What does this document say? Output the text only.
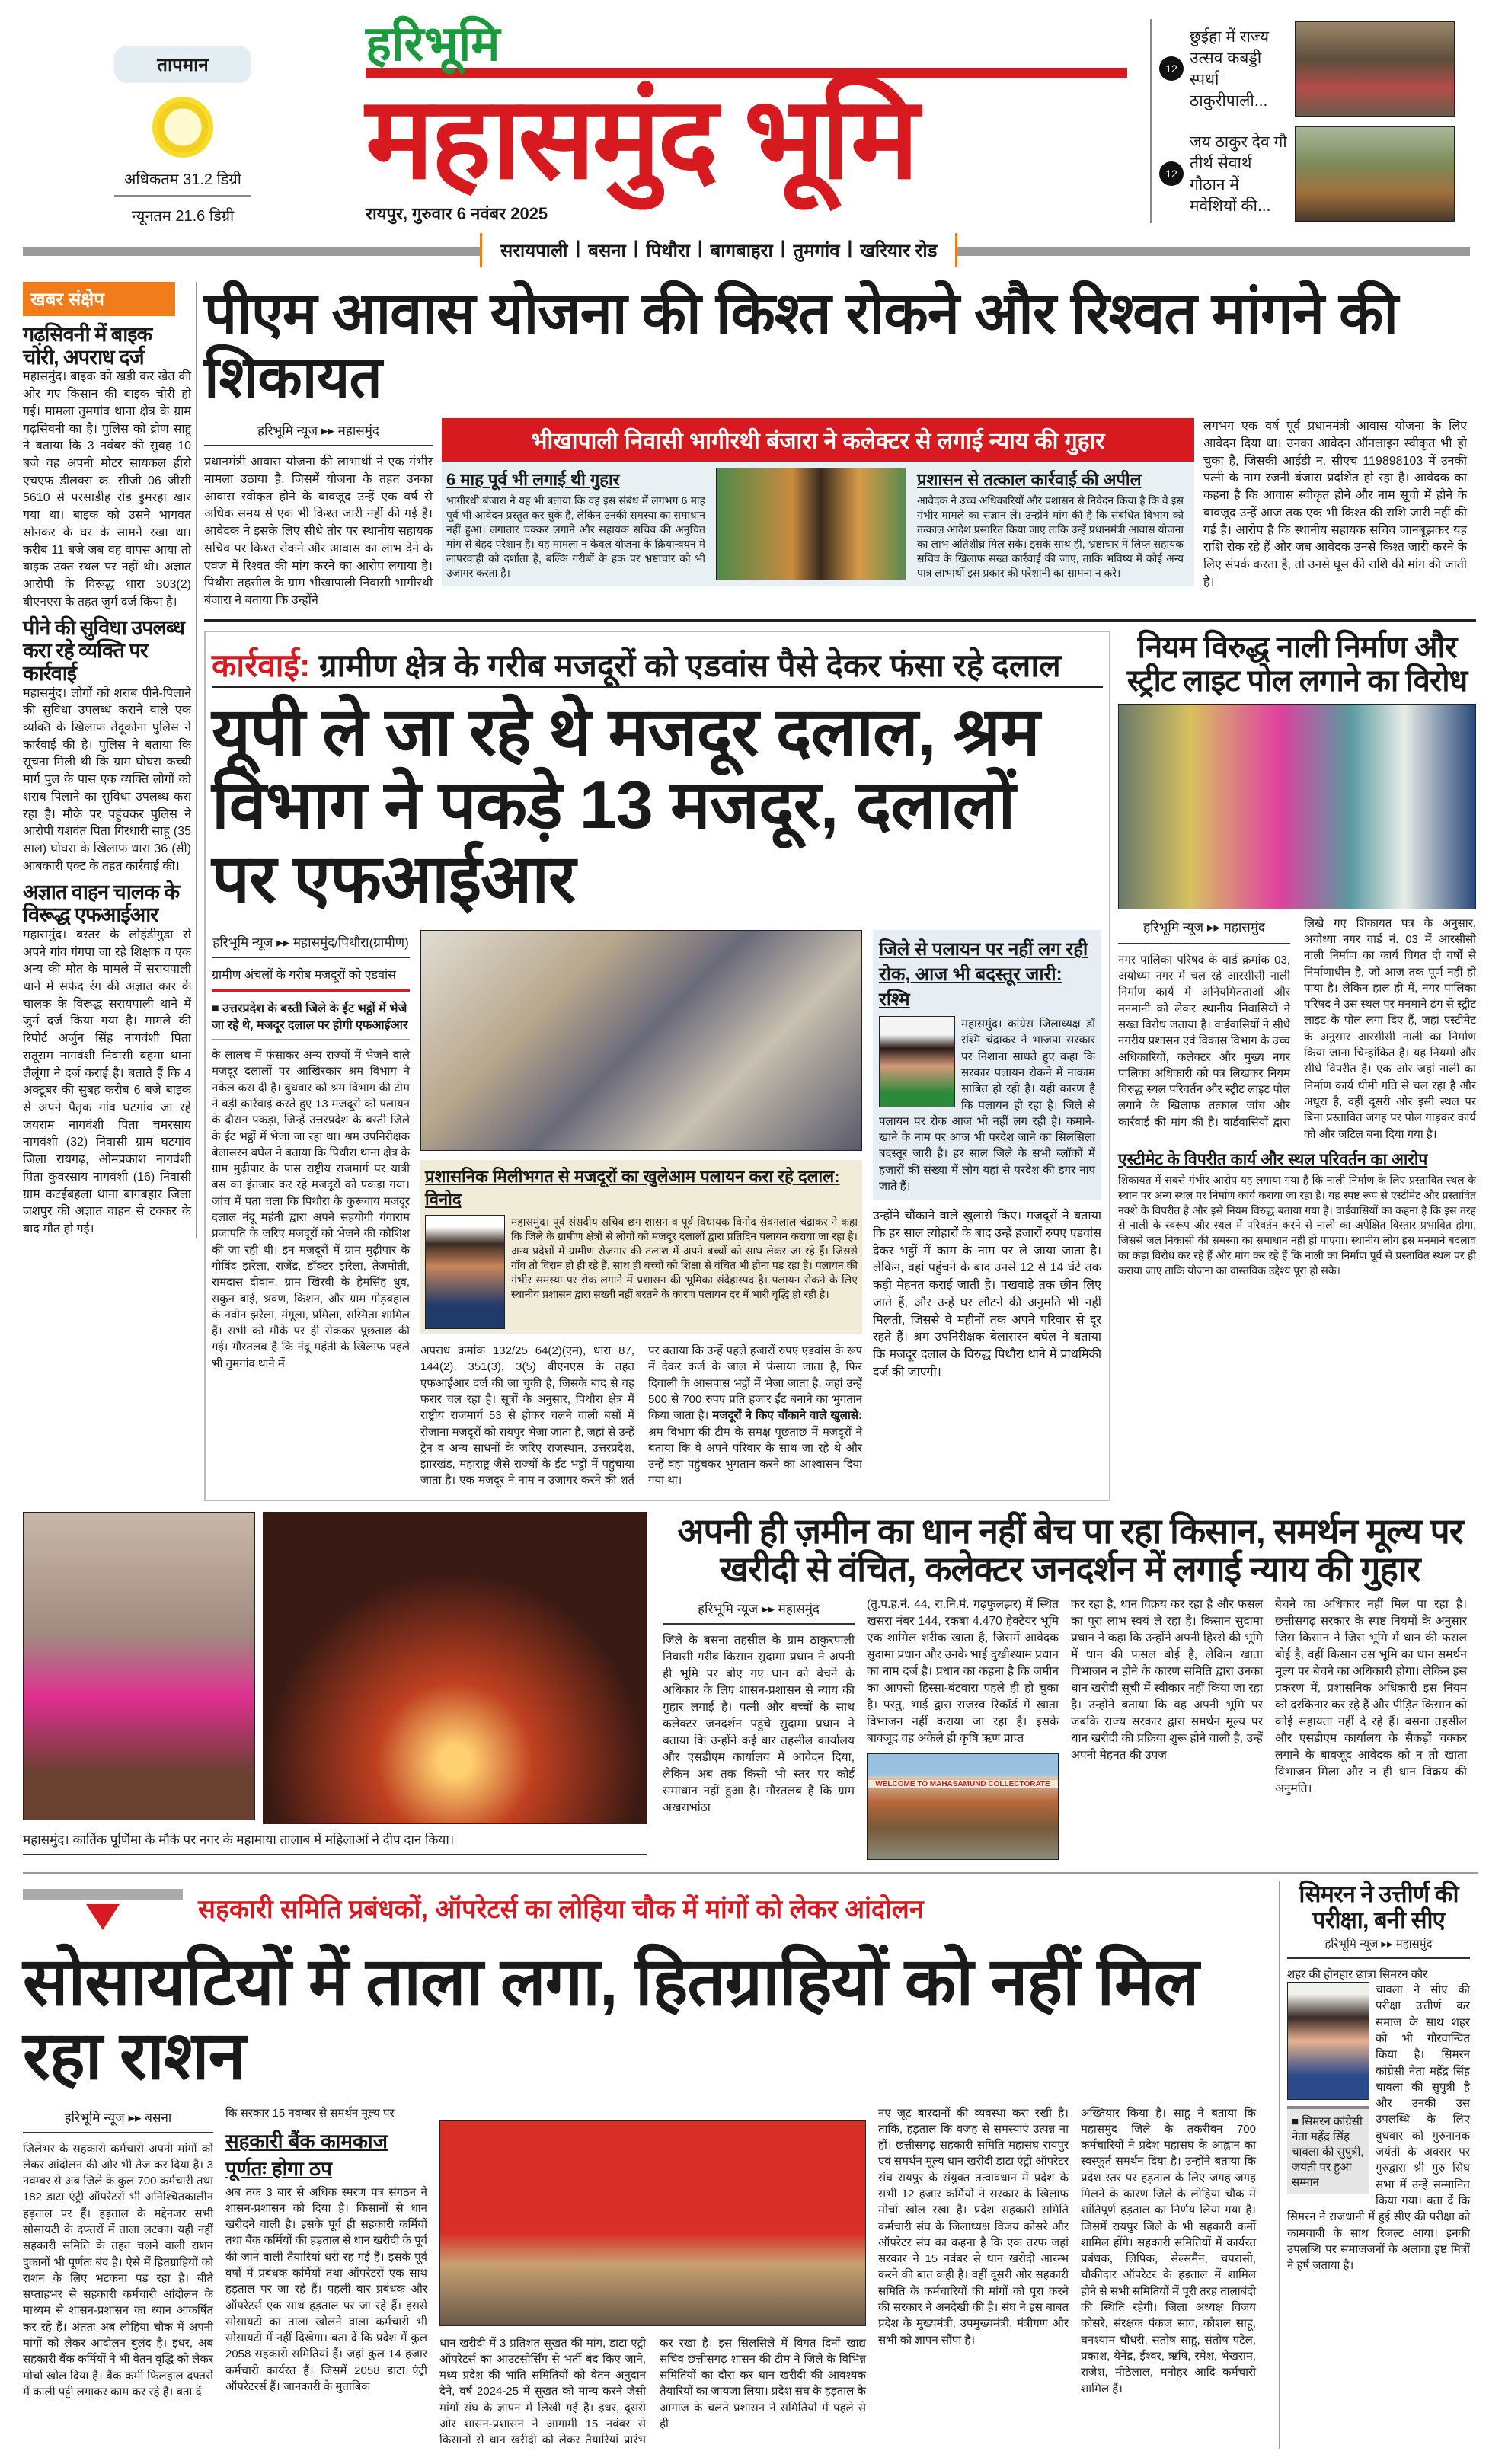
तापमान
अधिकतम 31.2 डिग्री
न्यूनतम 21.6 डिग्री
हरिभूमि
महासमुंद भूमि
रायपुर, गुरुवार 6 नवंबर 2025
12
छुईहा में राज्य उत्सव कबड्डी स्पर्धा ठाकुरीपाली...
12
जय ठाकुर देव गौ तीर्थ सेवार्थ गौठान में मवेशियों की...
सरायपाली | बसना | पिथौरा | बागबाहरा | तुमगांव | खरियार रोड
खबर संक्षेप
गढ़सिवनी में बाइक चोरी, अपराध दर्ज
महासमुंद। बाइक को खड़ी कर खेत की ओर गए किसान की बाइक चोरी हो गई। मामला तुमगांव थाना क्षेत्र के ग्राम गढ़सिवनी का है। पुलिस को द्रोण साहू ने बताया कि 3 नवंबर की सुबह 10 बजे वह अपनी मोटर सायकल हीरो एचएफ डीलक्स क्र. सीजी 06 जीसी 5610 से परसाडीह रोड डुमरहा खार गया था। बाइक को उसने भागवत सोनकर के घर के सामने रखा था। करीब 11 बजे जब वह वापस आया तो बाइक उक्त स्थल पर नहीं थी। अज्ञात आरोपी के विरूद्ध धारा 303(2) बीएनएस के तहत जुर्म दर्ज किया है।
पीने की सुविधा उपलब्ध करा रहे व्यक्ति पर कार्रवाई
महासमुंद। लोगों को शराब पीने-पिलाने की सुविधा उपलब्ध कराने वाले एक व्यक्ति के खिलाफ तेंदूकोना पुलिस ने कार्रवाई की है। पुलिस ने बताया कि सूचना मिली थी कि ग्राम घोघरा कच्ची मार्ग पुल के पास एक व्यक्ति लोगों को शराब पिलाने का सुविधा उपलब्ध करा रहा है। मौके पर पहुंचकर पुलिस ने आरोपी यशवंत पिता गिरधारी साहू (35 साल) घोघरा के खिलाफ धारा 36 (सी) आबकारी एक्ट के तहत कार्रवाई की।
अज्ञात वाहन चालक के विरूद्ध एफआईआर
महासमुंद। बस्तर के लोहंडीगुडा से अपने गांव गंगपा जा रहे शिक्षक व एक अन्य की मौत के मामले में सरायपाली थाने में सफेद रंग की अज्ञात कार के चालक के विरूद्ध सरायपाली थाने में जुर्म दर्ज किया गया है। मामले की रिपोर्ट अर्जुन सिंह नागवंशी पिता रातूराम नागवंशी निवासी बहमा थाना लैलूंगा ने दर्ज कराई है। बताते हैं कि 4 अक्टूबर की सुबह करीब 6 बजे बाइक से अपने पैतृक गांव घटगांव जा रहे जयराम नागवंशी पिता चमरसाय नागवंशी (32) निवासी ग्राम घटगांव जिला रायगढ़, ओमप्रकाश नागवंशी पिता कुंवरसाय नागवंशी (16) निवासी ग्राम कटईबहला थाना बागबहार जिला जशपुर की अज्ञात वाहन से टक्कर के बाद मौत हो गई।
पीएम आवास योजना की किश्त रोकने और रिश्वत मांगने की शिकायत
हरिभूमि न्यूज ▸▸ महासमुंद
प्रधानमंत्री आवास योजना की लाभार्थी ने एक गंभीर मामला उठाया है, जिसमें योजना के तहत उनका आवास स्वीकृत होने के बावजूद उन्हें एक वर्ष से अधिक समय से एक भी किश्त जारी नहीं की गई है। आवेदक ने इसके लिए सीधे तौर पर स्थानीय सहायक सचिव पर किश्त रोकने और आवास का लाभ देने के एवज में रिश्वत की मांग करने का आरोप लगाया है। पिथौरा तहसील के ग्राम भीखापाली निवासी भागीरथी बंजारा ने बताया कि उन्होंने
भीखापाली निवासी भागीरथी बंजारा ने कलेक्टर से लगाई न्याय की गुहार
6 माह पूर्व भी लगाई थी गुहार
भागीरथी बंजारा ने यह भी बताया कि वह इस संबंध में लगभग 6 माह पूर्व भी आवेदन प्रस्तुत कर चुके हैं, लेकिन उनकी समस्या का समाधान नहीं हुआ। लगातार चक्कर लगाने और सहायक सचिव की अनुचित मांग से बेहद परेशान हैं। यह मामला न केवल योजना के क्रियान्वयन में लापरवाही को दर्शाता है, बल्कि गरीबों के हक पर भ्रष्टाचार को भी उजागर करता है।
प्रशासन से तत्काल कार्रवाई की अपील
आवेदक ने उच्च अधिकारियों और प्रशासन से निवेदन किया है कि वे इस गंभीर मामले का संज्ञान लें। उन्होंने मांग की है कि संबंधित विभाग को तत्काल आदेश प्रसारित किया जाए ताकि उन्हें प्रधानमंत्री आवास योजना का लाभ अतिशीघ्र मिल सके। इसके साथ ही, भ्रष्टाचार में लिप्त सहायक सचिव के खिलाफ सख्त कार्रवाई की जाए, ताकि भविष्य में कोई अन्य पात्र लाभार्थी इस प्रकार की परेशानी का सामना न करे।
लगभग एक वर्ष पूर्व प्रधानमंत्री आवास योजना के लिए आवेदन दिया था। उनका आवेदन ऑनलाइन स्वीकृत भी हो चुका है, जिसकी आईडी नं. सीएच 119898103 में उनकी पत्नी के नाम रजनी बंजारा प्रदर्शित हो रहा है। आवेदक का कहना है कि आवास स्वीकृत होने और नाम सूची में होने के बावजूद उन्हें आज तक एक भी किश्त की राशि जारी नहीं की गई है। आरोप है कि स्थानीय सहायक सचिव जानबूझकर यह राशि रोक रहे हैं और जब आवेदक उनसे किश्त जारी करने के लिए संपर्क करता है, तो उनसे घूस की राशि की मांग की जाती है।
कार्रवाई: ग्रामीण क्षेत्र के गरीब मजदूरों को एडवांस पैसे देकर फंसा रहे दलाल
यूपी ले जा रहे थे मजदूर दलाल, श्रम विभाग ने पकड़े 13 मजदूर, दलालों पर एफआईआर
हरिभूमि न्यूज ▸▸ महासमुंद/पिथौरा(ग्रामीण)
ग्रामीण अंचलों के गरीब मजदूरों को एडवांस
■ उत्तरप्रदेश के बस्ती जिले के ईंट भट्ठों में भेजे जा रहे थे, मजदूर दलाल पर होगी एफआईआर
के लालच में फंसाकर अन्य राज्यों में भेजने वाले मजदूर दलालों पर आखिरकार श्रम विभाग ने नकेल कस दी है। बुधवार को श्रम विभाग की टीम ने बड़ी कार्रवाई करते हुए 13 मजदूरों को पलायन के दौरान पकड़ा, जिन्हें उत्तरप्रदेश के बस्ती जिले के ईंट भट्ठों में भेजा जा रहा था। श्रम उपनिरीक्षक बेलासरन बघेल ने बताया कि पिथौरा थाना क्षेत्र के ग्राम मुढ़ीपार के पास राष्ट्रीय राजमार्ग पर यात्री बस का इंतजार कर रहे मजदूरों को पकड़ा गया। जांच में पता चला कि पिथौरा के कुरूवाय मजदूर दलाल नंदू महंती द्वारा अपने सहयोगी गंगाराम प्रजापति के जरिए मजदूरों को भेजने की कोशिश की जा रही थी। इन मजदूरों में ग्राम मुढ़ीपार के गोविंद झरेला, राजेंद्र, डॉक्टर झरेला, तेजमोती, रामदास दीवान, ग्राम खिरवी के हेमसिंह धुव, सकुन बाई, श्रवण, किशन, और ग्राम गोड़बहाल के नवीन झरेला, मंगूला, प्रमिला, सस्मिता शामिल हैं। सभी को मौके पर ही रोककर पूछताछ की गई। गौरतलब है कि नंदू महंती के खिलाफ पहले भी तुमगांव थाने में
प्रशासनिक मिलीभगत से मजदूरों का खुलेआम पलायन करा रहे दलाल: विनोद
महासमुंद। पूर्व संसदीय सचिव छग शासन व पूर्व विधायक विनोद सेवनलाल चंद्राकर ने कहा कि जिले के ग्रामीण क्षेत्रों से लोगों को मजदूर दलालों द्वारा प्रतिदिन पलायन कराया जा रहा है। अन्य प्रदेशों में ग्रामीण रोजगार की तलाश में अपने बच्चों को साथ लेकर जा रहे हैं। जिससे गॉंव तो विरान हो ही रहे हैं, साथ ही बच्चों को शिक्षा से वंचित भी होना पड़ रहा है। पलायन की गंभीर समस्या पर रोक लगाने में प्रशासन की भूमिका संदेहास्पद है। पलायन रोकने के लिए स्थानीय प्रशासन द्वारा सख्ती नहीं बरतने के कारण पलायन दर में भारी वृद्धि हो रही है।
अपराध क्रमांक 132/25 64(2)(एम), धारा 87, 144(2), 351(3), 3(5) बीएनएस के तहत एफआईआर दर्ज की जा चुकी है, जिसके बाद से वह फरार चल रहा है। सूत्रों के अनुसार, पिथौरा क्षेत्र में राष्ट्रीय राजमार्ग 53 से होकर चलने वाली बसों में रोजाना मजदूरों को रायपुर भेजा जाता है, जहां से उन्हें ट्रेन व अन्य साधनों के जरिए राजस्थान, उत्तरप्रदेश, झारखंड, महाराष्ट्र जैसे राज्यों के ईंट भट्ठों में पहुंचाया जाता है। एक मजदूर ने नाम न उजागर करने की शर्त पर बताया कि उन्हें पहले हजारों रुपए एडवांस के रूप में देकर कर्ज के जाल में फंसाया जाता है, फिर दिवाली के आसपास भट्ठों में भेजा जाता है, जहां उन्हें 500 से 700 रुपए प्रति हजार ईंट बनाने का भुगतान किया जाता है। मजदूरों ने किए चौंकाने वाले खुलासे: श्रम विभाग की टीम के समक्ष पूछताछ में मजदूरों ने बताया कि वे अपने परिवार के साथ जा रहे थे और उन्हें वहां पहुंचकर भुगतान करने का आश्वासन दिया गया था।
जिले से पलायन पर नहीं लग रही रोक, आज भी बदस्तूर जारी: रश्मि
महासमुंद। कांग्रेस जिलाध्यक्ष डॉ रश्मि चंद्राकर ने भाजपा सरकार पर निशाना साधते हुए कहा कि सरकार पलायन रोकने में नाकाम साबित हो रही है। यही कारण है कि पलायन हो रहा है। जिले से पलायन पर रोक आज भी नहीं लग रही है। कमाने-खाने के नाम पर आज भी परदेश जाने का सिलसिला बदस्तूर जारी है। हर साल जिले के सभी ब्लॉकों में हजारों की संख्या में लोग यहां से परदेश की डगर नाप जाते हैं।
उन्होंने चौंकाने वाले खुलासे किए। मजदूरों ने बताया कि हर साल त्योहारों के बाद उन्हें हजारों रुपए एडवांस देकर भट्ठों में काम के नाम पर ले जाया जाता है। लेकिन, वहां पहुंचने के बाद उनसे 12 से 14 घंटे तक कड़ी मेहनत कराई जाती है। पखवाड़े तक छीन लिए जाते हैं, और उन्हें घर लौटने की अनुमति भी नहीं मिलती, जिससे वे महीनों तक अपने परिवार से दूर रहते हैं। श्रम उपनिरीक्षक बेलासरन बघेल ने बताया कि मजदूर दलाल के विरुद्ध पिथौरा थाने में प्राथमिकी दर्ज की जाएगी।
नियम विरुद्ध नाली निर्माण और स्ट्रीट लाइट पोल लगाने का विरोध
हरिभूमि न्यूज ▸▸ महासमुंद
नगर पालिका परिषद के वार्ड क्रमांक 03, अयोध्या नगर में चल रहे आरसीसी नाली निर्माण कार्य में अनियमितताओं और मनमानी को लेकर स्थानीय निवासियों ने सख्त विरोध जताया है। वार्डवासियों ने सीधे नगरीय प्रशासन एवं विकास विभाग के उच्च अधिकारियों, कलेक्टर और मुख्य नगर पालिका अधिकारी को पत्र लिखकर नियम विरुद्ध स्थल परिवर्तन और स्ट्रीट लाइट पोल लगाने के खिलाफ तत्काल जांच और कार्रवाई की मांग की है। वार्डवासियों द्वारा लिखे गए शिकायत पत्र के अनुसार, अयोध्या नगर वार्ड नं. 03 में आरसीसी नाली निर्माण का कार्य विगत दो वर्षों से निर्माणाधीन है, जो आज तक पूर्ण नहीं हो पाया है। लेकिन हाल ही में, नगर पालिका परिषद ने उस स्थल पर मनमाने ढंग से स्ट्रीट लाइट के पोल लगा दिए हैं, जहां एस्टीमेट के अनुसार आरसीसी नाली का निर्माण किया जाना चिन्हांकित है। यह नियमों और सीधे विपरीत है। एक ओर जहां नाली का निर्माण कार्य धीमी गति से चल रहा है और अधूरा है, वहीं दूसरी ओर इसी स्थल पर बिना प्रस्तावित जगह पर पोल गाड़कर कार्य को और जटिल बना दिया गया है।
एस्टीमेट के विपरीत कार्य और स्थल परिवर्तन का आरोप
शिकायत में सबसे गंभीर आरोप यह लगाया गया है कि नाली निर्माण के लिए प्रस्तावित स्थल के स्थान पर अन्य स्थल पर निर्माण कार्य कराया जा रहा है। यह स्पष्ट रूप से एस्टीमेट और प्रस्तावित नक्शे के विपरीत है और इसे नियम विरुद्ध बताया गया है। वार्डवासियों का कहना है कि इस तरह से नाली के स्वरूप और स्थल में परिवर्तन करने से नाली का अपेक्षित विस्तार प्रभावित होगा, जिससे जल निकासी की समस्या का समाधान नहीं हो पाएगा। स्थानीय लोग इस मनमाने बदलाव का कड़ा विरोध कर रहे हैं और मांग कर रहे हैं कि नाली का निर्माण पूर्व से प्रस्तावित स्थल पर ही कराया जाए ताकि योजना का वास्तविक उद्देश्य पूरा हो सके।
महासमुंद। कार्तिक पूर्णिमा के मौके पर नगर के महामाया तालाब में महिलाओं ने दीप दान किया।
अपनी ही ज़मीन का धान नहीं बेच पा रहा किसान, समर्थन मूल्य पर खरीदी से वंचित, कलेक्टर जनदर्शन में लगाई न्याय की गुहार
हरिभूमि न्यूज ▸▸ महासमुंद
जिले के बसना तहसील के ग्राम ठाकुरपाली निवासी गरीब किसान सुदामा प्रधान ने अपनी ही भूमि पर बोए गए धान को बेचने के अधिकार के लिए शासन-प्रशासन से न्याय की गुहार लगाई है। पत्नी और बच्चों के साथ कलेक्टर जनदर्शन पहुंचे सुदामा प्रधान ने बताया कि उन्होंने कई बार तहसील कार्यालय और एसडीएम कार्यालय में आवेदन दिया, लेकिन अब तक किसी भी स्तर पर कोई समाधान नहीं हुआ है। गौरतलब है कि ग्राम अखराभांठा
(तु.प.ह.नं. 44, रा.नि.मं. गढ़फुलझर) में स्थित खसरा नंबर 144, रकबा 4.470 हेक्टेयर भूमि एक शामिल शरीक खाता है, जिसमें आवेदक सुदामा प्रधान और उनके भाई दुखीश्याम प्रधान का नाम दर्ज है। प्रधान का कहना है कि जमीन का आपसी हिस्सा-बंटवारा पहले ही हो चुका है। परंतु, भाई द्वारा राजस्व रिकॉर्ड में खाता विभाजन नहीं कराया जा रहा है। इसके बावजूद वह अकेले ही कृषि ऋण प्राप्त
WELCOME TO MAHASAMUND COLLECTORATE
कर रहा है, धान विक्रय कर रहा है और फसल का पूरा लाभ स्वयं ले रहा है। किसान सुदामा प्रधान ने कहा कि उन्होंने अपनी हिस्से की भूमि में धान की फसल बोई है, लेकिन खाता विभाजन न होने के कारण समिति द्वारा उनका धान खरीदी सूची में स्वीकार नहीं किया जा रहा है। उन्होंने बताया कि वह अपनी भूमि पर जबकि राज्य सरकार द्वारा समर्थन मूल्य पर धान खरीदी की प्रक्रिया शुरू होने वाली है, उन्हें अपनी मेहनत की उपज
बेचने का अधिकार नहीं मिल पा रहा है। छत्तीसगढ़ सरकार के स्पष्ट नियमों के अनुसार जिस किसान ने जिस भूमि में धान की फसल बोई है, वहीं किसान उस भूमि का धान समर्थन मूल्य पर बेचने का अधिकारी होगा। लेकिन इस प्रकरण में, प्रशासनिक अधिकारी इस नियम को दरकिनार कर रहे हैं और पीड़ित किसान को कोई सहायता नहीं दे रहे हैं। बसना तहसील और एसडीएम कार्यालय के सैकड़ों चक्कर लगाने के बावजूद आवेदक को न तो खाता विभाजन मिला और न ही धान विक्रय की अनुमति।
सहकारी समिति प्रबंधकों, ऑपरेटर्स का लोहिया चौक में मांगों को लेकर आंदोलन
सोसायटियों में ताला लगा, हितग्राहियों को नहीं मिल रहा राशन
हरिभूमि न्यूज ▸▸ बसना
जिलेभर के सहकारी कर्मचारी अपनी मांगों को लेकर आंदोलन की ओर भी तेज कर दिया है। 3 नवम्बर से अब जिले के कुल 700 कर्मचारी तथा 182 डाटा एंट्री ऑपरेटरों भी अनिश्चितकालीन हड़ताल पर हैं। हड़ताल के मद्देनजर सभी सोसायटी के दफ्तरों में ताला लटका। यही नहीं सहकारी समिति के तहत चलने वाली राशन दुकानों भी पूर्णतः बंद है। ऐसे में हितग्राहियों को राशन के लिए भटकना पड़ रहा है। बीते सप्ताहभर से सहकारी कर्मचारी आंदोलन के माध्यम से शासन-प्रशासन का ध्यान आकर्षित कर रहे हैं। अंततः अब लोहिया चौक में अपनी मांगों को लेकर आंदोलन बुलंद है। इधर, अब सहकारी बैंक कर्मियों ने भी वेतन वृद्धि को लेकर मोर्चा खोल दिया है। बैंक कर्मी फिलहाल दफ्तरों में काली पट्टी लगाकर काम कर रहे हैं। बता दें
कि सरकार 15 नवम्बर से समर्थन मूल्य पर
सहकारी बैंक कामकाज पूर्णतः होगा ठप
अब तक 3 बार से अधिक स्मरण पत्र संगठन ने शासन-प्रशासन को दिया है। किसानों से धान खरीदने वाली है। इसके पूर्व ही सहकारी कर्मियों तथा बैंक कर्मियों की हड़ताल से धान खरीदी के पूर्व की जाने वाली तैयारियां धरी रह गई हैं। इसके पूर्व वर्षों में प्रबंधक कर्मियों तथा ऑपरेटरों एक साथ हड़ताल पर जा रहे हैं। पहली बार प्रबंधक और ऑपरेटर्स एक साथ हड़ताल पर जा रहे हैं। इससे सोसायटी का ताला खोलने वाला कर्मचारी भी सोसायटी में नहीं दिखेगा। बता दें कि प्रदेश में कुल 2058 सहकारी समितियां हैं। जहां कुल 14 हजार कर्मचारी कार्यरत हैं। जिसमें 2058 डाटा एंट्री ऑपरेटरर्स हैं। जानकारी के मुताबिक
धान खरीदी में 3 प्रतिशत सूखत की मांग, डाटा एंट्री ऑपरेटर्स का आउटसोर्सिंग से भर्ती बंद किए जाने, मध्य प्रदेश की भांति समितियों को वेतन अनुदान देने, वर्ष 2024-25 में सूखत को मान्य करने जैसी मांगों संघ के ज्ञापन में लिखी गई है। इधर, दूसरी ओर शासन-प्रशासन ने आगामी 15 नवंबर से किसानों से धान खरीदी को लेकर तैयारियां प्रारंभ कर रखा है। इस सिलसिले में विगत दिनों खाद्य सचिव छत्तीसगढ़ शासन की टीम ने जिले के विभिन्न समितियों का दौरा कर धान खरीदी की आवश्यक तैयारियों का जायजा लिया। प्रदेश संघ के हड़ताल के आगाज के चलते प्रशासन ने समितियों में पहले से ही
नए जूट बारदानों की व्यवस्था करा रखी है। ताकि, हड़ताल कि वजह से समस्याएं उत्पन्न ना हों। छत्तीसगढ़ सहकारी समिति महासंघ रायपुर एवं समर्थन मूल्य धान खरीदी डाटा एंट्री ऑपरेटर संघ रायपुर के संयुक्त तत्वावधान में प्रदेश के सभी 12 हजार कर्मियों ने सरकार के खिलाफ मोर्चा खोल रखा है। प्रदेश सहकारी समिति कर्मचारी संघ के जिलाध्यक्ष विजय कोसरे और ऑपरेटर संघ का कहना है कि एक तरफ जहां सरकार ने 15 नवंबर से धान खरीदी आरम्भ करने की बात कही है। वहीं दूसरी ओर सहकारी समिति के कर्मचारियों की मांगों को पूरा करने की सरकार ने अनदेखी की है। संघ ने इस बाबत प्रदेश के मुख्यमंत्री, उपमुख्यमंत्री, मंत्रीगण और सभी को ज्ञापन सौंपा है।
अख्तियार किया है। साहू ने बताया कि महासमुंद जिले के तकरीबन 700 कर्मचारियों ने प्रदेश महासंघ के आह्वान का स्वस्फूर्त समर्थन दिया है। उन्होंने बताया कि प्रदेश स्तर पर हड़ताल के लिए जगह जगह मिलने के कारण जिले के लोहिया चौक में शांतिपूर्ण हड़ताल का निर्णय लिया गया है। जिसमें रायपुर जिले के भी सहकारी कर्मी शामिल होंगे। सहकारी समितियों में कार्यरत प्रबंधक, लिपिक, सेल्समैन, चपरासी, चौकीदार ऑपरेटर के हड़ताल में शामिल होने से सभी समितियों में पूरी तरह तालाबंदी की स्थिति रहेगी। जिला अध्यक्ष विजय कोसरे, संरक्षक पंकज साव, कौशल साहू, घनश्याम चौधरी, संतोष साहू, संतोष पटेल, प्रकाश, येनेंद्र, ईश्वर, ऋषि, रमेश, भेखराम, राजेश, मीठेलाल, मनोहर आदि कर्मचारी शामिल हैं।
सिमरन ने उत्तीर्ण की परीक्षा, बनी सीए
हरिभूमि न्यूज ▸▸ महासमुंद
शहर की होनहार छात्रा सिमरन कौर
■ सिमरन कांग्रेसी नेता महेंद्र सिंह चावला की सुपुत्री, जयंती पर हुआ सम्मान
चावला ने सीए की परीक्षा उत्तीर्ण कर समाज के साथ शहर को भी गौरवान्वित किया है। सिमरन कांग्रेसी नेता महेंद्र सिंह चावला की सुपुत्री है और उनकी उस उपलब्धि के लिए बुधवार को गुरुनानक जयंती के अवसर पर गुरुद्वारा श्री गुरु सिंघ सभा में उन्हें सम्मानित किया गया। बता दें कि सिमरन ने राजधानी में हुई सीए की परीक्षा को कामयाबी के साथ रिजल्ट आया। इनकी उपलब्धि पर समाजजनों के अलावा इष्ट मित्रों ने हर्ष जताया है।
